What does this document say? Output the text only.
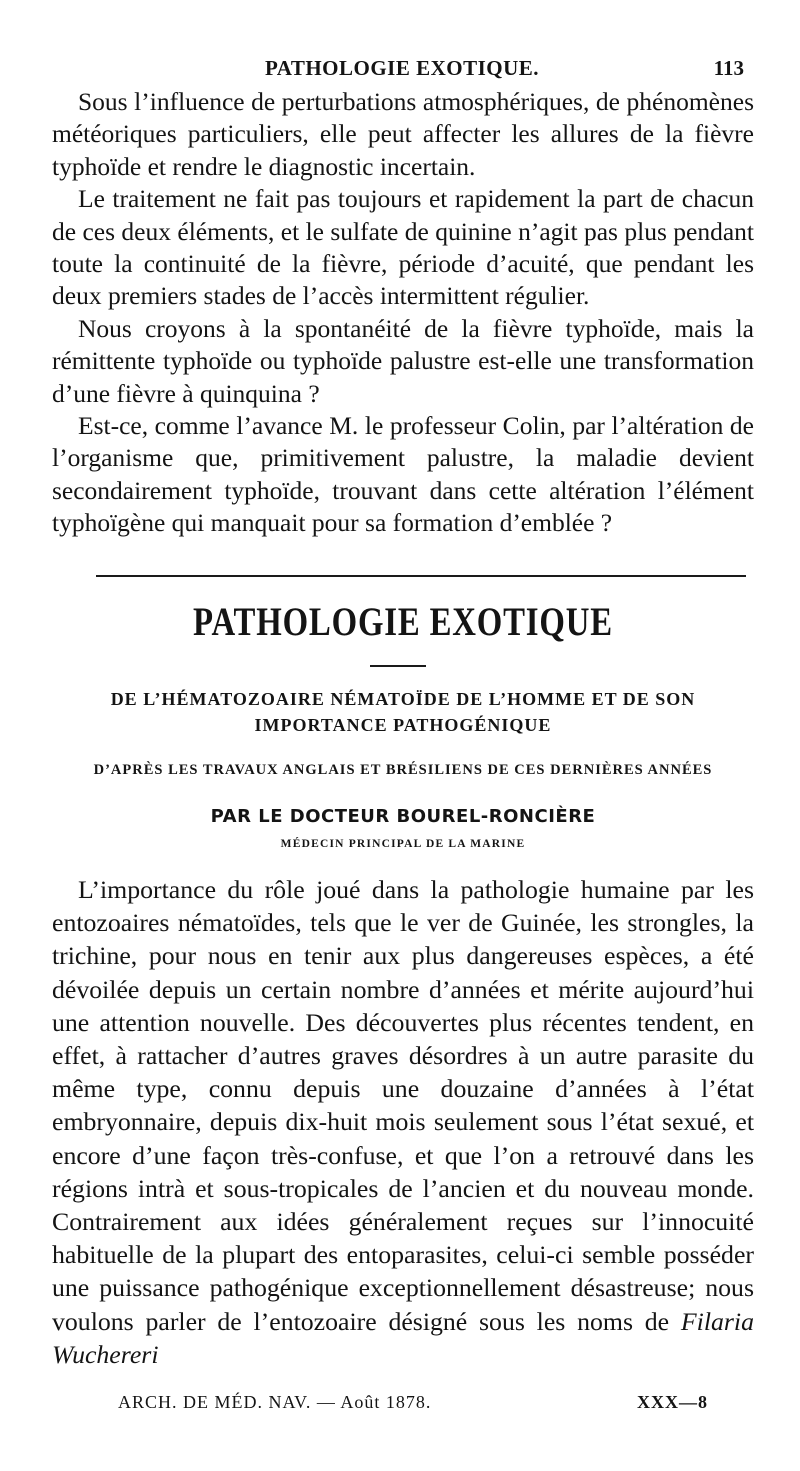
PATHOLOGIE EXOTIQUE.	113

Sous l’influence de perturbations atmosphériques, de phénomènes météoriques particuliers, elle peut affecter les allures de la fièvre typhoïde et rendre le diagnostic incertain.

Le traitement ne fait pas toujours et rapidement la part de chacun de ces deux éléments, et le sulfate de quinine n’agit pas plus pendant toute la continuité de la fièvre, période d’acuité, que pendant les deux premiers stades de l’accès intermittent régulier.

Nous croyons à la spontanéité de la fièvre typhoïde, mais la rémittente typhoïde ou typhoïde palustre est-elle une transformation d’une fièvre à quinquina ?

Est-ce, comme l’avance M. le professeur Colin, par l’altération de l’organisme que, primitivement palustre, la maladie devient secondairement typhoïde, trouvant dans cette altération l’élément typhoïgène qui manquait pour sa formation d’emblée ?

PATHOLOGIE EXOTIQUE
DE L’HÉMATOZOAIRE NÉMATOÏDE DE L’HOMME ET DE SON IMPORTANCE PATHOGÉNIQUE
D’APRÈS LES TRAVAUX ANGLAIS ET BRÉSILIENS DE CES DERNIÈRES ANNÉES
PAR LE DOCTEUR BOUREL-RONCIÈRE
MÉDECIN PRINCIPAL DE LA MARINE

L’importance du rôle joué dans la pathologie humaine par les entozoaires nématoïdes, tels que le ver de Guinée, les strongles, la trichine, pour nous en tenir aux plus dangereuses espèces, a été dévoilée depuis un certain nombre d’années et mérite aujourd’hui une attention nouvelle. Des découvertes plus récentes tendent, en effet, à rattacher d’autres graves désordres à un autre parasite du même type, connu depuis une douzaine d’années à l’état embryonnaire, depuis dix-huit mois seulement sous l’état sexué, et encore d’une façon très-confuse, et que l’on a retrouvé dans les régions intrà et sous-tropicales de l’ancien et du nouveau monde. Contrairement aux idées généralement reçues sur l’innocuité habituelle de la plupart des entoparasites, celui-ci semble posséder une puissance pathogénique exceptionnellement désastreuse; nous voulons parler de l’entozoaire désigné sous les noms de Filaria Wuchereri

ARCH. DE MÉD. NAV. — Août 1878.	XXX—8
